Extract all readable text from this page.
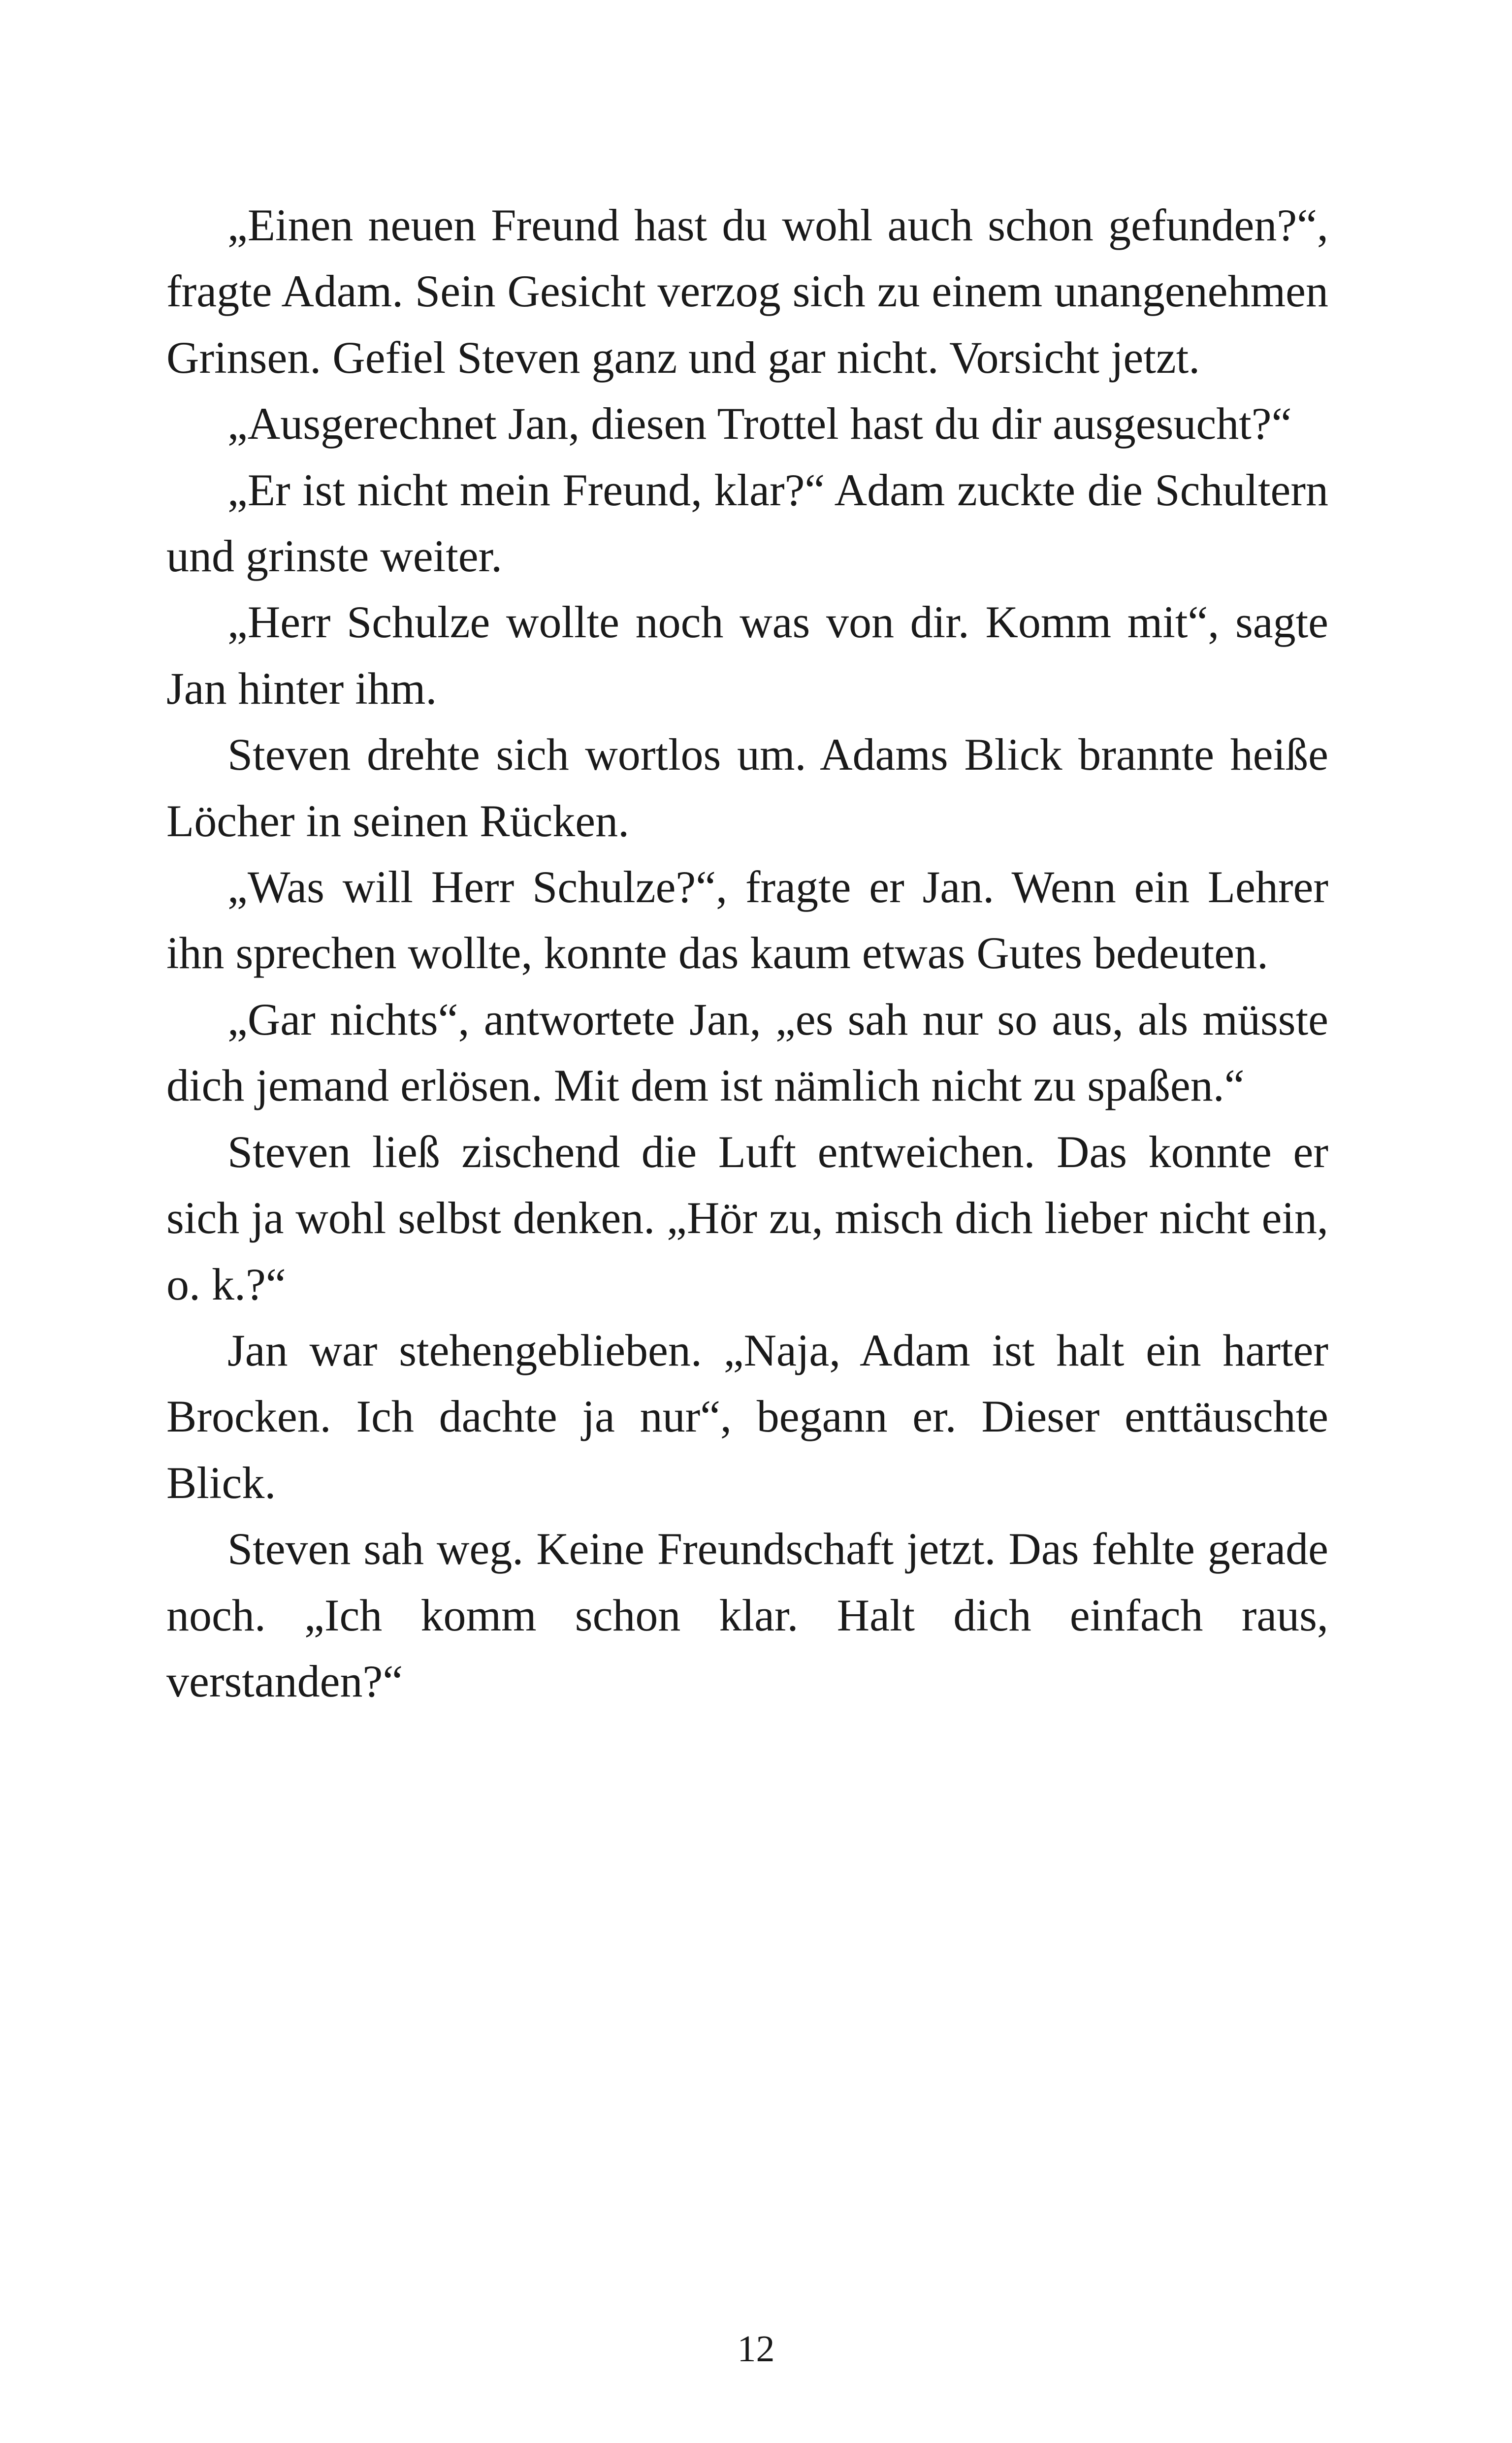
„Einen neuen Freund hast du wohl auch schon gefunden?“, fragte Adam. Sein Gesicht verzog sich zu einem unangenehmen Grinsen. Gefiel Steven ganz und gar nicht. Vorsicht jetzt.

„Ausgerechnet Jan, diesen Trottel hast du dir ausgesucht?“

„Er ist nicht mein Freund, klar?“ Adam zuckte die Schultern und grinste weiter.

„Herr Schulze wollte noch was von dir. Komm mit“, sagte Jan hinter ihm.

Steven drehte sich wortlos um. Adams Blick brannte heiße Löcher in seinen Rücken.

„Was will Herr Schulze?“, fragte er Jan. Wenn ein Lehrer ihn sprechen wollte, konnte das kaum etwas Gutes bedeuten.

„Gar nichts“, antwortete Jan, „es sah nur so aus, als müsste dich jemand erlösen. Mit dem ist nämlich nicht zu spaßen.“

Steven ließ zischend die Luft entweichen. Das konnte er sich ja wohl selbst denken. „Hör zu, misch dich lieber nicht ein, o. k.?“

Jan war stehengeblieben. „Naja, Adam ist halt ein harter Brocken. Ich dachte ja nur“, begann er. Dieser enttäuschte Blick.

Steven sah weg. Keine Freundschaft jetzt. Das fehlte gerade noch. „Ich komm schon klar. Halt dich einfach raus, verstanden?“

12
